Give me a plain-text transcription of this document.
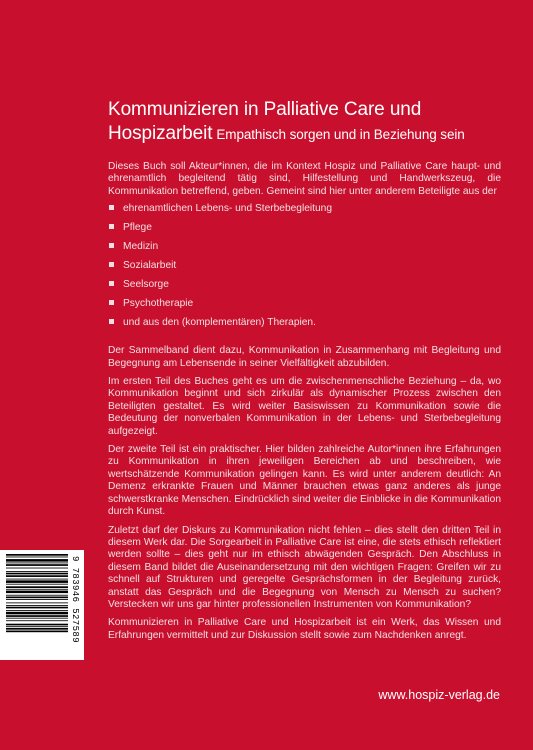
Kommunizieren in Palliative Care und
Hospizarbeit Empathisch sorgen und in Beziehung sein

Dieses Buch soll Akteur*innen, die im Kontext Hospiz und Palliative Care haupt- und ehrenamtlich begleitend tätig sind, Hilfestellung und Handwerkszeug, die Kommunikation betreffend, geben. Gemeint sind hier unter anderem Beteiligte aus der

ehrenamtlichen Lebens- und Sterbebegleitung
Pflege
Medizin
Sozialarbeit
Seelsorge
Psychotherapie
und aus den (komplementären) Therapien.

Der Sammelband dient dazu, Kommunikation in Zusammenhang mit Begleitung und Begegnung am Lebensende in seiner Vielfältigkeit abzubilden.

Im ersten Teil des Buches geht es um die zwischenmenschliche Beziehung – da, wo Kommunikation beginnt und sich zirkulär als dynamischer Prozess zwischen den Beteiligten gestaltet. Es wird weiter Basiswissen zu Kommunikation sowie die Bedeutung der nonverbalen Kommunikation in der Lebens- und Sterbebegleitung aufgezeigt.

Der zweite Teil ist ein praktischer. Hier bilden zahlreiche Autor*innen ihre Erfahrungen zu Kommunikation in ihren jeweiligen Bereichen ab und beschreiben, wie wertschätzende Kommunikation gelingen kann. Es wird unter anderem deutlich: An Demenz erkrankte Frauen und Männer brauchen etwas ganz anderes als junge schwerstkranke Menschen. Eindrücklich sind weiter die Einblicke in die Kommunikation durch Kunst.

Zuletzt darf der Diskurs zu Kommunikation nicht fehlen – dies stellt den dritten Teil in diesem Werk dar. Die Sorgearbeit in Palliative Care ist eine, die stets ethisch reflektiert werden sollte – dies geht nur im ethisch abwägenden Gespräch. Den Abschluss in diesem Band bildet die Auseinandersetzung mit den wichtigen Fragen: Greifen wir zu schnell auf Strukturen und geregelte Gesprächsformen in der Begleitung zurück, anstatt das Gespräch und die Begegnung von Mensch zu Mensch zu suchen? Verstecken wir uns gar hinter professionellen Instrumenten von Kommunikation?

Kommunizieren in Palliative Care und Hospizarbeit ist ein Werk, das Wissen und Erfahrungen vermittelt und zur Diskussion stellt sowie zum Nachdenken anregt.

9 783946 527589
www.hospiz-verlag.de
